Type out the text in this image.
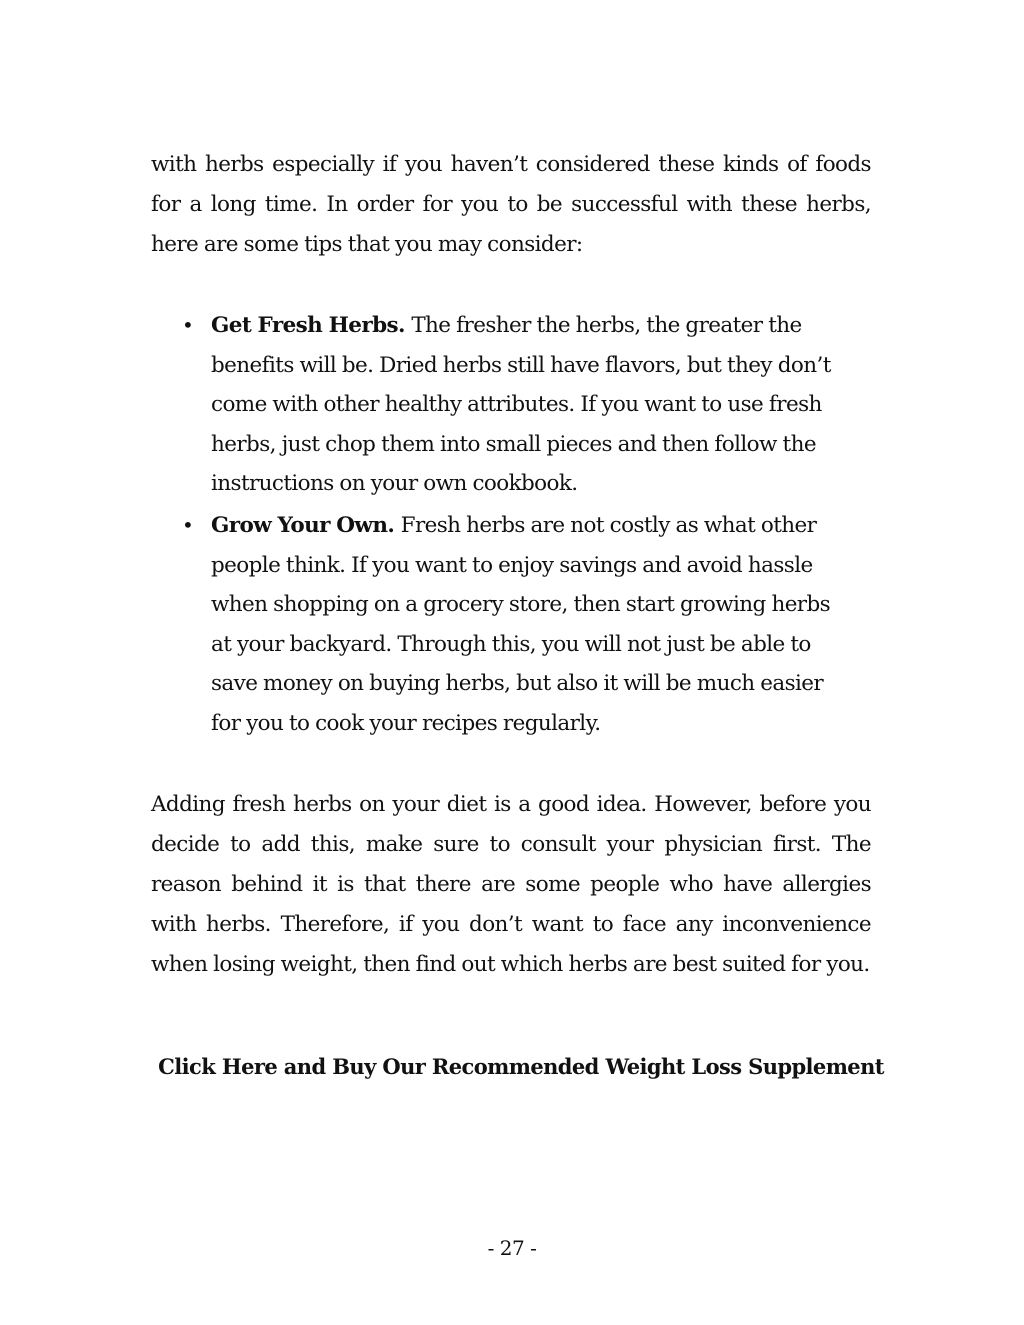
with herbs especially if you haven’t considered these kinds of foods for a long time. In order for you to be successful with these herbs, here are some tips that you may consider:

• Get Fresh Herbs. The fresher the herbs, the greater the benefits will be. Dried herbs still have flavors, but they don’t come with other healthy attributes. If you want to use fresh herbs, just chop them into small pieces and then follow the instructions on your own cookbook.
• Grow Your Own. Fresh herbs are not costly as what other people think. If you want to enjoy savings and avoid hassle when shopping on a grocery store, then start growing herbs at your backyard. Through this, you will not just be able to save money on buying herbs, but also it will be much easier for you to cook your recipes regularly.

Adding fresh herbs on your diet is a good idea. However, before you decide to add this, make sure to consult your physician first. The reason behind it is that there are some people who have allergies with herbs. Therefore, if you don’t want to face any inconvenience when losing weight, then find out which herbs are best suited for you.

Click Here and Buy Our Recommended Weight Loss Supplement

- 27 -
